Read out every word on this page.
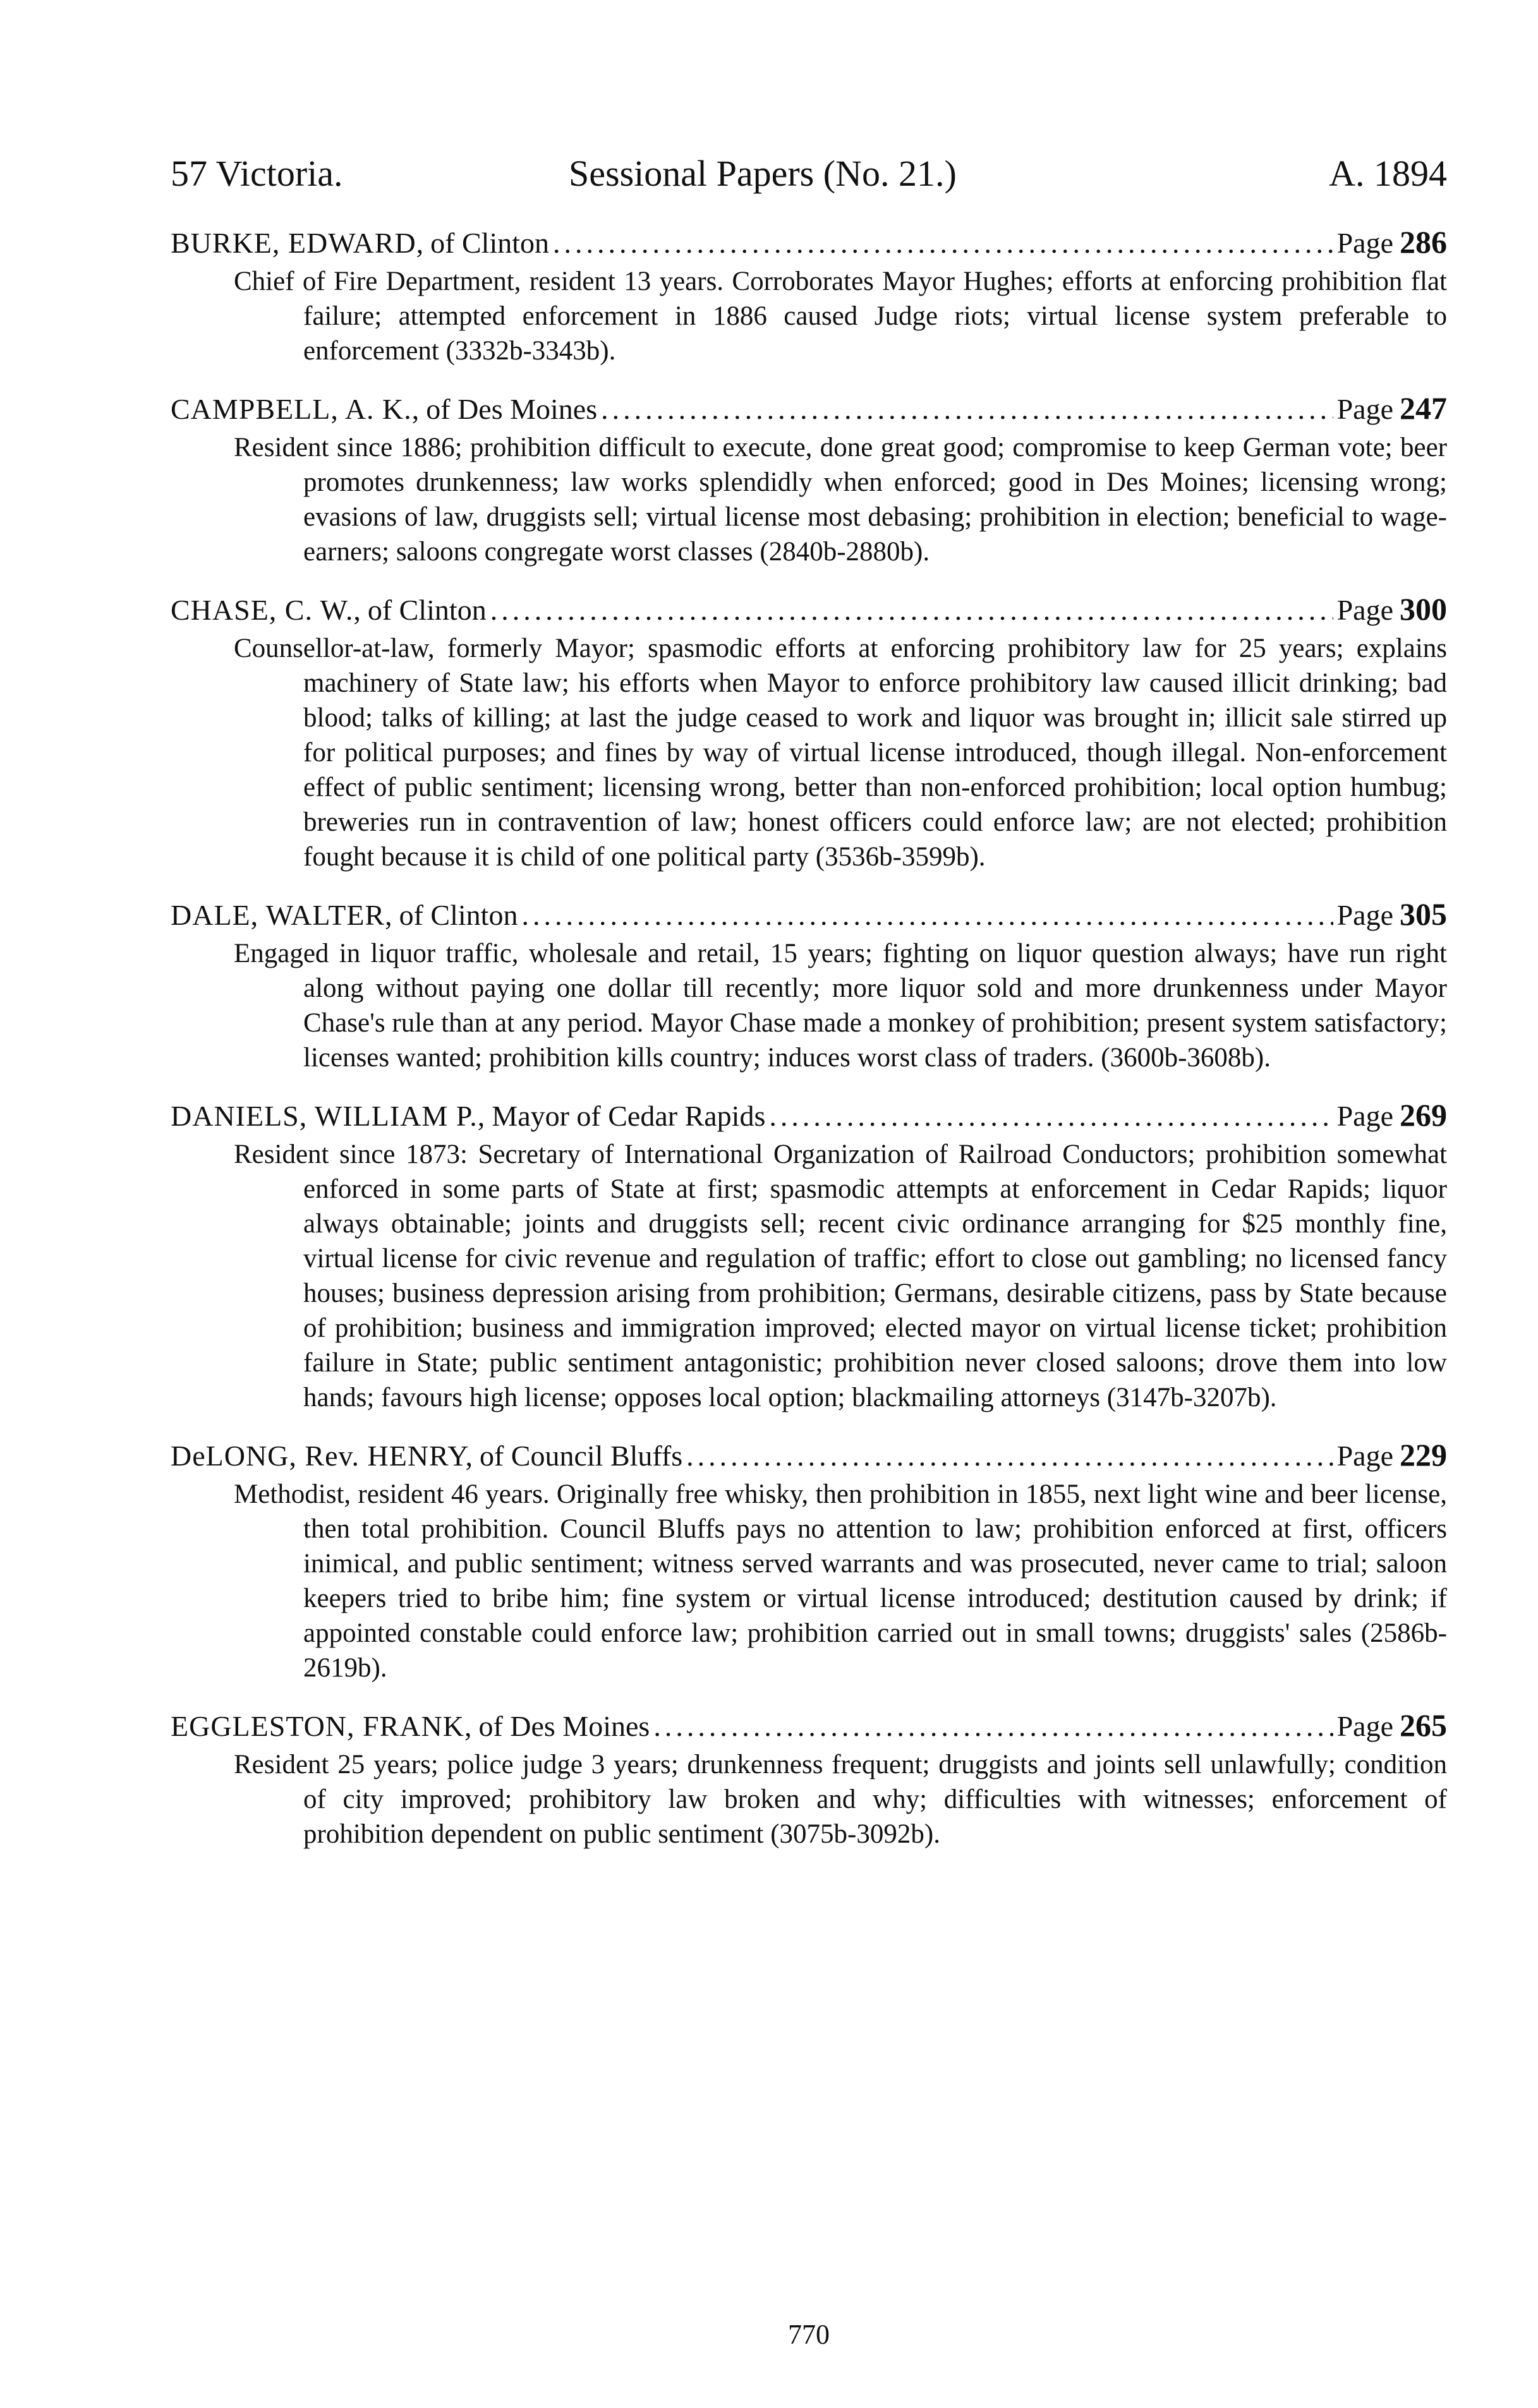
57 Victoria.	Sessional Papers (No. 21.)	A. 1894
BURKE, EDWARD, of Clinton .....	Page 286
Chief of Fire Department, resident 13 years. Corroborates Mayor Hughes; efforts at enforcing prohibition flat failure; attempted enforcement in 1886 caused Judge riots; virtual license system preferable to enforcement (3332b-3343b).
CAMPBELL, A. K., of Des Moines .....	Page 247
Resident since 1886; prohibition difficult to execute, done great good; compromise to keep German vote; beer promotes drunkenness; law works splendidly when enforced; good in Des Moines; licensing wrong; evasions of law, druggists sell; virtual license most debasing; prohibition in election; beneficial to wage-earners; saloons congregate worst classes (2840b-2880b).
CHASE, C. W., of Clinton .....	Page 300
Counsellor-at-law, formerly Mayor; spasmodic efforts at enforcing prohibitory law for 25 years; explains machinery of State law; his efforts when Mayor to enforce prohibitory law caused illicit drinking; bad blood; talks of killing; at last the judge ceased to work and liquor was brought in; illicit sale stirred up for political purposes; and fines by way of virtual license introduced, though illegal. Non-enforcement effect of public sentiment; licensing wrong, better than non-enforced prohibition; local option humbug; breweries run in contravention of law; honest officers could enforce law; are not elected; prohibition fought because it is child of one political party (3536b-3599b).
DALE, WALTER, of Clinton .....	Page 305
Engaged in liquor traffic, wholesale and retail, 15 years; fighting on liquor question always; have run right along without paying one dollar till recently; more liquor sold and more drunkenness under Mayor Chase's rule than at any period. Mayor Chase made a monkey of prohibition; present system satisfactory; licenses wanted; prohibition kills country; induces worst class of traders. (3600b-3608b).
DANIELS, WILLIAM P., Mayor of Cedar Rapids .....	Page 269
Resident since 1873: Secretary of International Organization of Railroad Conductors; prohibition somewhat enforced in some parts of State at first; spasmodic attempts at enforcement in Cedar Rapids; liquor always obtainable; joints and druggists sell; recent civic ordinance arranging for $25 monthly fine, virtual license for civic revenue and regulation of traffic; effort to close out gambling; no licensed fancy houses; business depression arising from prohibition; Germans, desirable citizens, pass by State because of prohibition; business and immigration improved; elected mayor on virtual license ticket; prohibition failure in State; public sentiment antagonistic; prohibition never closed saloons; drove them into low hands; favours high license; opposes local option; blackmailing attorneys (3147b-3207b).
DeLONG, Rev. HENRY, of Council Bluffs .....	Page 229
Methodist, resident 46 years. Originally free whisky, then prohibition in 1855, next light wine and beer license, then total prohibition. Council Bluffs pays no attention to law; prohibition enforced at first, officers inimical, and public sentiment; witness served warrants and was prosecuted, never came to trial; saloon keepers tried to bribe him; fine system or virtual license introduced; destitution caused by drink; if appointed constable could enforce law; prohibition carried out in small towns; druggists' sales (2586b-2619b).
EGGLESTON, FRANK, of Des Moines .....	Page 265
Resident 25 years; police judge 3 years; drunkenness frequent; druggists and joints sell unlawfully; condition of city improved; prohibitory law broken and why; difficulties with witnesses; enforcement of prohibition dependent on public sentiment (3075b-3092b).
770
